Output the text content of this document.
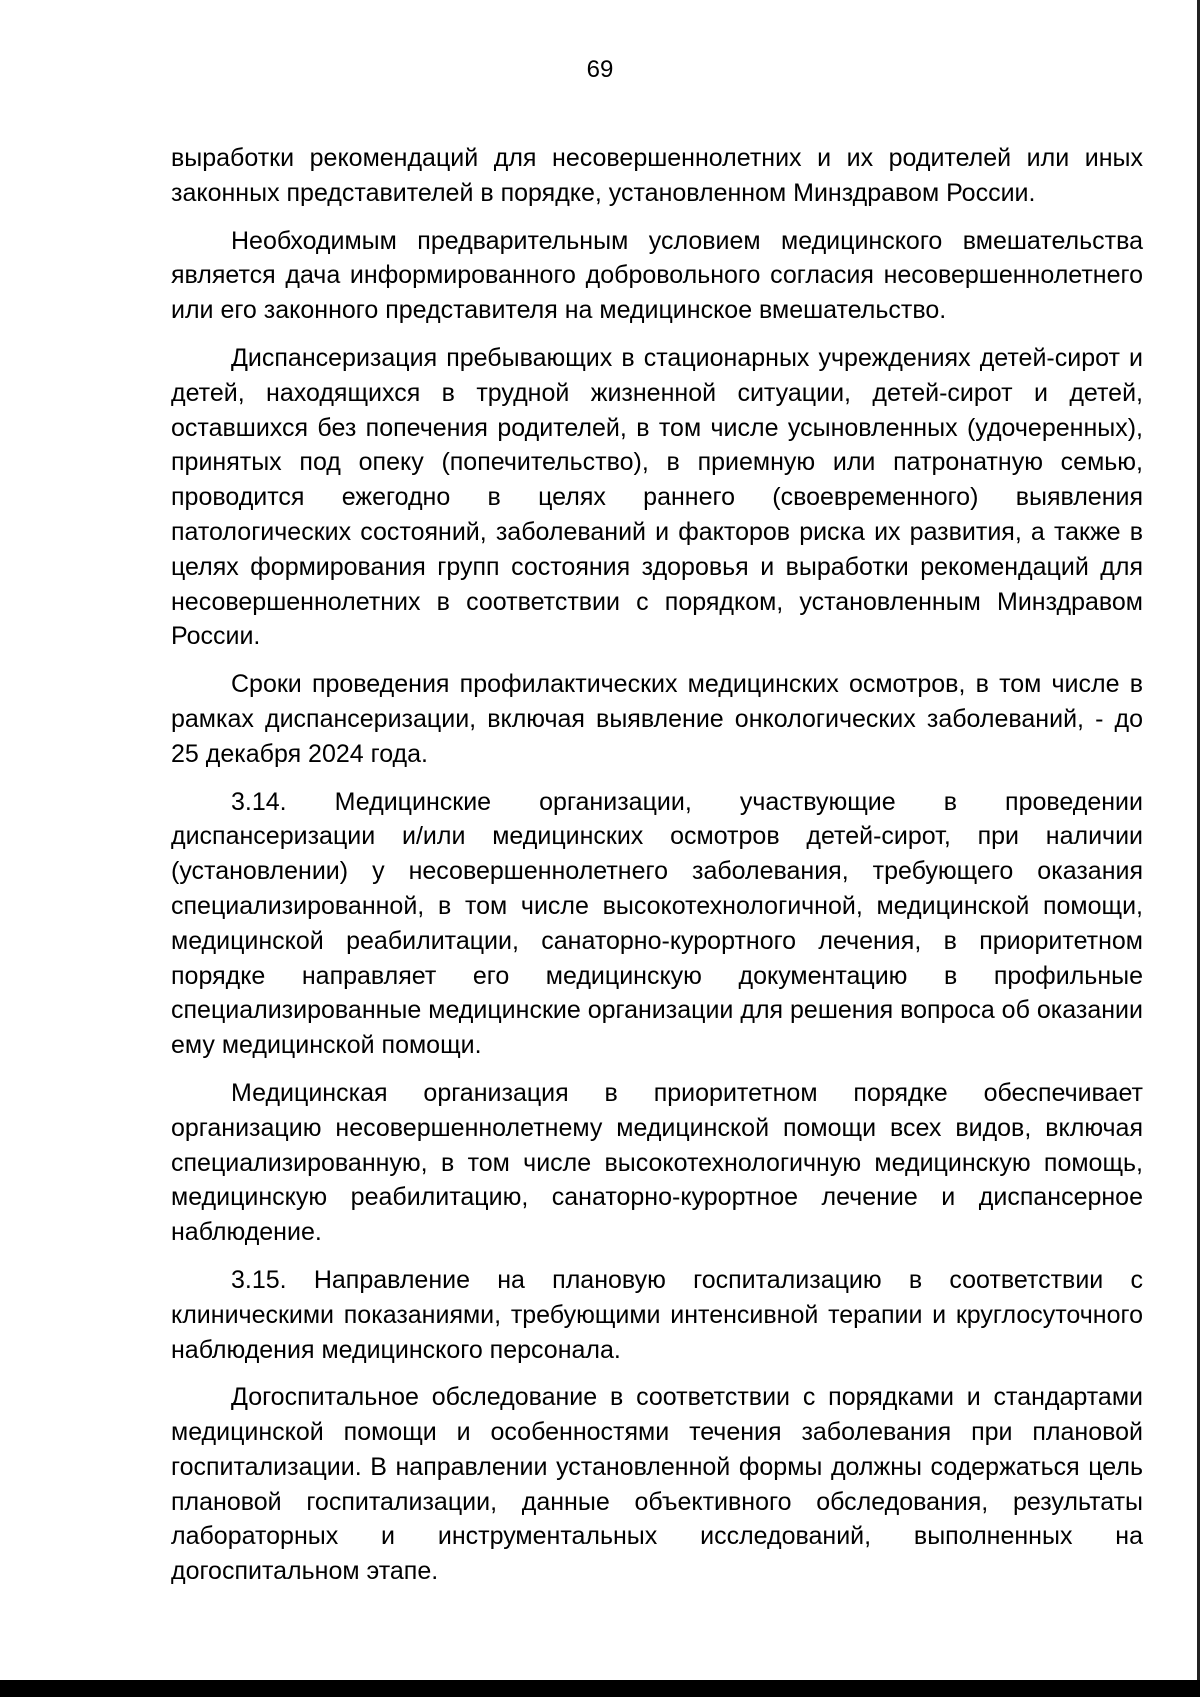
69

выработки рекомендаций для несовершеннолетних и их родителей или иных законных представителей в порядке, установленном Минздравом России.

Необходимым предварительным условием медицинского вмешательства является дача информированного добровольного согласия несовершеннолетнего или его законного представителя на медицинское вмешательство.

Диспансеризация пребывающих в стационарных учреждениях детей-сирот и детей, находящихся в трудной жизненной ситуации, детей-сирот и детей, оставшихся без попечения родителей, в том числе усыновленных (удочеренных), принятых под опеку (попечительство), в приемную или патронатную семью, проводится ежегодно в целях раннего (своевременного) выявления патологических состояний, заболеваний и факторов риска их развития, а также в целях формирования групп состояния здоровья и выработки рекомендаций для несовершеннолетних в соответствии с порядком, установленным Минздравом России.

Сроки проведения профилактических медицинских осмотров, в том числе в рамках диспансеризации, включая выявление онкологических заболеваний, - до 25 декабря 2024 года.

3.14. Медицинские организации, участвующие в проведении диспансеризации и/или медицинских осмотров детей-сирот, при наличии (установлении) у несовершеннолетнего заболевания, требующего оказания специализированной, в том числе высокотехнологичной, медицинской помощи, медицинской реабилитации, санаторно-курортного лечения, в приоритетном порядке направляет его медицинскую документацию в профильные специализированные медицинские организации для решения вопроса об оказании ему медицинской помощи.

Медицинская организация в приоритетном порядке обеспечивает организацию несовершеннолетнему медицинской помощи всех видов, включая специализированную, в том числе высокотехнологичную медицинскую помощь, медицинскую реабилитацию, санаторно-курортное лечение и диспансерное наблюдение.

3.15. Направление на плановую госпитализацию в соответствии с клиническими показаниями, требующими интенсивной терапии и круглосуточного наблюдения медицинского персонала.

Догоспитальное обследование в соответствии с порядками и стандартами медицинской помощи и особенностями течения заболевания при плановой госпитализации. В направлении установленной формы должны содержаться цель плановой госпитализации, данные объективного обследования, результаты лабораторных и инструментальных исследований, выполненных на догоспитальном этапе.
